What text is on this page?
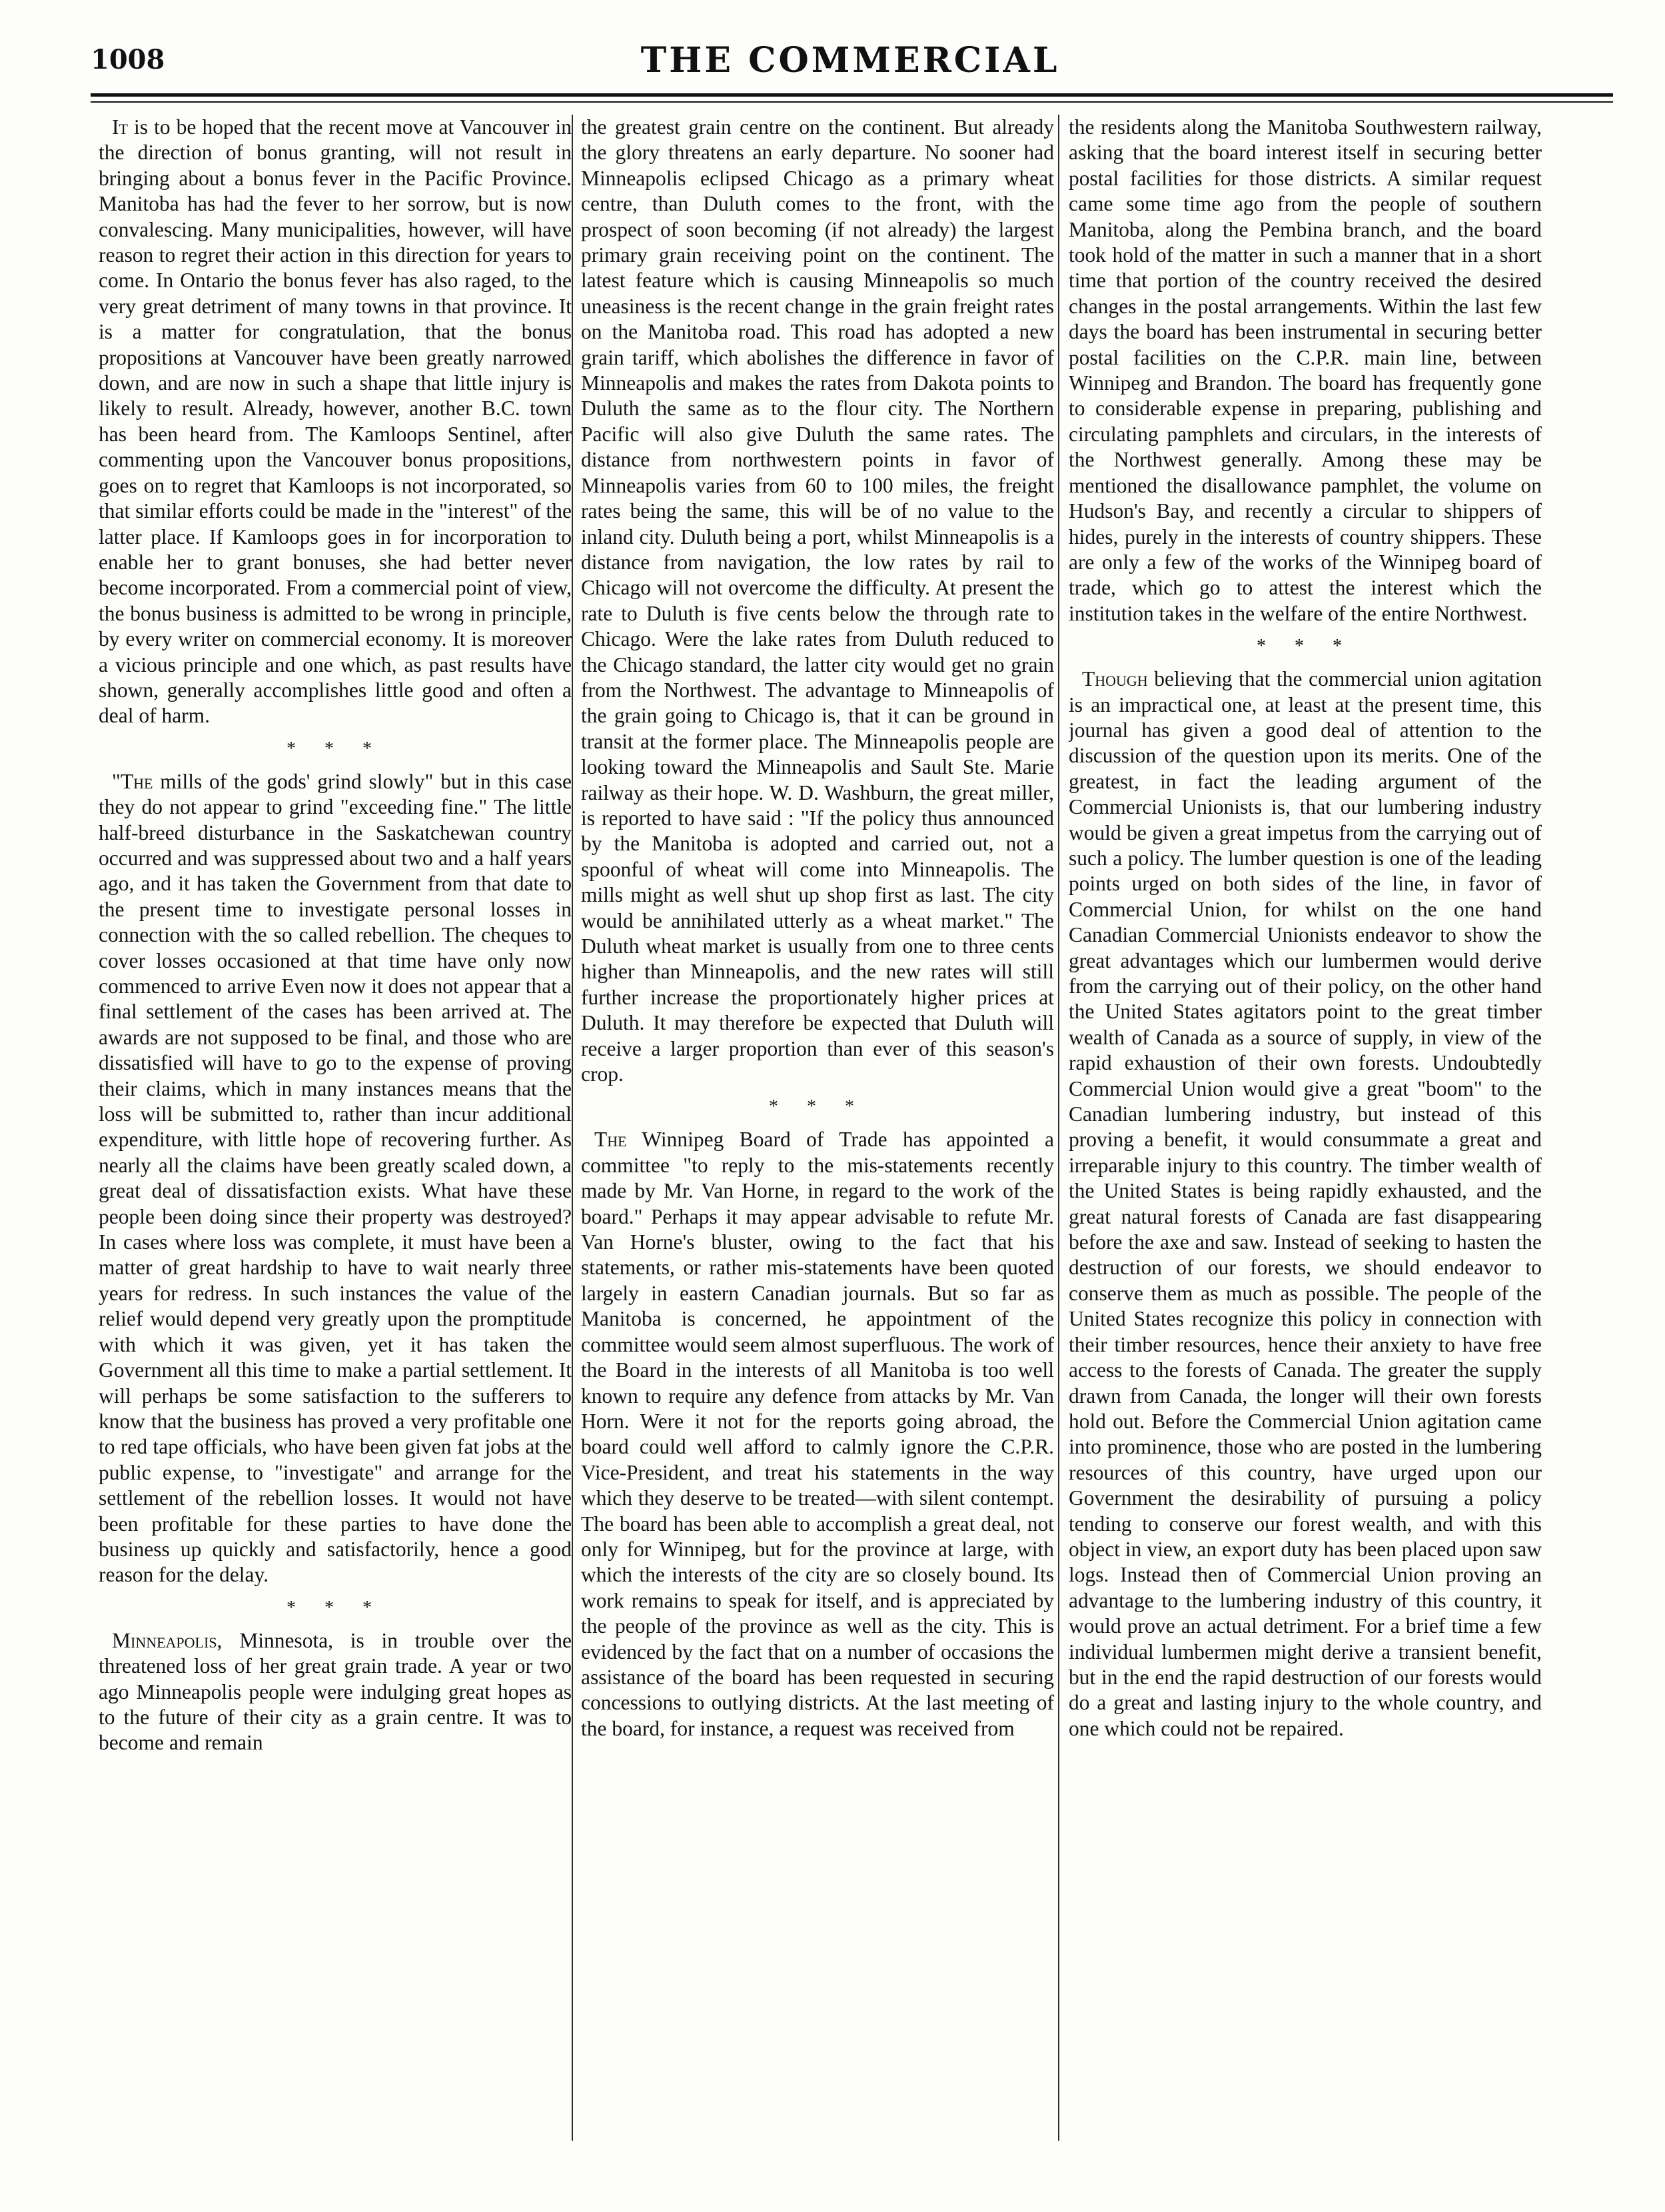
1008	THE COMMERCIAL

It is to be hoped that the recent move at Vancouver in the direction of bonus granting, will not result in bringing about a bonus fever in the Pacific Province. Manitoba has had the fever to her sorrow, but is now convalescing. Many municipalities, however, will have reason to regret their action in this direction for years to come. In Ontario the bonus fever has also raged, to the very great detriment of many towns in that province. It is a matter for congratulation, that the bonus propositions at Vancouver have been greatly narrowed down, and are now in such a shape that little injury is likely to result. Already, however, another B.C. town has been heard from. The Kamloops Sentinel, after commenting upon the Vancouver bonus propositions, goes on to regret that Kamloops is not incorporated, so that similar efforts could be made in the "interest" of the latter place. If Kamloops goes in for incorporation to enable her to grant bonuses, she had better never become incorporated. From a commercial point of view, the bonus business is admitted to be wrong in principle, by every writer on commercial economy. It is moreover a vicious principle and one which, as past results have shown, generally accomplishes little good and often a deal of harm.

* * *

"The mills of the gods' grind slowly" but in this case they do not appear to grind "exceeding fine." The little half-breed disturbance in the Saskatchewan country occurred and was suppressed about two and a half years ago, and it has taken the Government from that date to the present time to investigate personal losses in connection with the so called rebellion. The cheques to cover losses occasioned at that time have only now commenced to arrive Even now it does not appear that a final settlement of the cases has been arrived at. The awards are not supposed to be final, and those who are dissatisfied will have to go to the expense of proving their claims, which in many instances means that the loss will be submitted to, rather than incur additional expenditure, with little hope of recovering further. As nearly all the claims have been greatly scaled down, a great deal of dissatisfaction exists. What have these people been doing since their property was destroyed? In cases where loss was complete, it must have been a matter of great hardship to have to wait nearly three years for redress. In such instances the value of the relief would depend very greatly upon the promptitude with which it was given, yet it has taken the Government all this time to make a partial settlement. It will perhaps be some satisfaction to the sufferers to know that the business has proved a very profitable one to red tape officials, who have been given fat jobs at the public expense, to "investigate" and arrange for the settlement of the rebellion losses. It would not have been profitable for these parties to have done the business up quickly and satisfactorily, hence a good reason for the delay.

* * *

Minneapolis, Minnesota, is in trouble over the threatened loss of her great grain trade. A year or two ago Minneapolis people were indulging great hopes as to the future of their city as a grain centre. It was to become and remain

the greatest grain centre on the continent. But already the glory threatens an early departure. No sooner had Minneapolis eclipsed Chicago as a primary wheat centre, than Duluth comes to the front, with the prospect of soon becoming (if not already) the largest primary grain receiving point on the continent. The latest feature which is causing Minneapolis so much uneasiness is the recent change in the grain freight rates on the Manitoba road. This road has adopted a new grain tariff, which abolishes the difference in favor of Minneapolis and makes the rates from Dakota points to Duluth the same as to the flour city. The Northern Pacific will also give Duluth the same rates. The distance from northwestern points in favor of Minneapolis varies from 60 to 100 miles, the freight rates being the same, this will be of no value to the inland city. Duluth being a port, whilst Minneapolis is a distance from navigation, the low rates by rail to Chicago will not overcome the difficulty. At present the rate to Duluth is five cents below the through rate to Chicago. Were the lake rates from Duluth reduced to the Chicago standard, the latter city would get no grain from the Northwest. The advantage to Minneapolis of the grain going to Chicago is, that it can be ground in transit at the former place. The Minneapolis people are looking toward the Minneapolis and Sault Ste. Marie railway as their hope. W. D. Washburn, the great miller, is reported to have said : "If the policy thus announced by the Manitoba is adopted and carried out, not a spoonful of wheat will come into Minneapolis. The mills might as well shut up shop first as last. The city would be annihilated utterly as a wheat market." The Duluth wheat market is usually from one to three cents higher than Minneapolis, and the new rates will still further increase the proportionately higher prices at Duluth. It may therefore be expected that Duluth will receive a larger proportion than ever of this season's crop.

* * *

The Winnipeg Board of Trade has appointed a committee "to reply to the mis-statements recently made by Mr. Van Horne, in regard to the work of the board." Perhaps it may appear advisable to refute Mr. Van Horne's bluster, owing to the fact that his statements, or rather mis-statements have been quoted largely in eastern Canadian journals. But so far as Manitoba is concerned, he appointment of the committee would seem almost superfluous. The work of the Board in the interests of all Manitoba is too well known to require any defence from attacks by Mr. Van Horn. Were it not for the reports going abroad, the board could well afford to calmly ignore the C.P.R. Vice-President, and treat his statements in the way which they deserve to be treated—with silent contempt. The board has been able to accomplish a great deal, not only for Winnipeg, but for the province at large, with which the interests of the city are so closely bound. Its work remains to speak for itself, and is appreciated by the people of the province as well as the city. This is evidenced by the fact that on a number of occasions the assistance of the board has been requested in securing concessions to outlying districts. At the last meeting of the board, for instance, a request was received from

the residents along the Manitoba Southwestern railway, asking that the board interest itself in securing better postal facilities for those districts. A similar request came some time ago from the people of southern Manitoba, along the Pembina branch, and the board took hold of the matter in such a manner that in a short time that portion of the country received the desired changes in the postal arrangements. Within the last few days the board has been instrumental in securing better postal facilities on the C.P.R. main line, between Winnipeg and Brandon. The board has frequently gone to considerable expense in preparing, publishing and circulating pamphlets and circulars, in the interests of the Northwest generally. Among these may be mentioned the disallowance pamphlet, the volume on Hudson's Bay, and recently a circular to shippers of hides, purely in the interests of country shippers. These are only a few of the works of the Winnipeg board of trade, which go to attest the interest which the institution takes in the welfare of the entire Northwest.

* * *

Though believing that the commercial union agitation is an impractical one, at least at the present time, this journal has given a good deal of attention to the discussion of the question upon its merits. One of the greatest, in fact the leading argument of the Commercial Unionists is, that our lumbering industry would be given a great impetus from the carrying out of such a policy. The lumber question is one of the leading points urged on both sides of the line, in favor of Commercial Union, for whilst on the one hand Canadian Commercial Unionists endeavor to show the great advantages which our lumbermen would derive from the carrying out of their policy, on the other hand the United States agitators point to the great timber wealth of Canada as a source of supply, in view of the rapid exhaustion of their own forests. Undoubtedly Commercial Union would give a great "boom" to the Canadian lumbering industry, but instead of this proving a benefit, it would consummate a great and irreparable injury to this country. The timber wealth of the United States is being rapidly exhausted, and the great natural forests of Canada are fast disappearing before the axe and saw. Instead of seeking to hasten the destruction of our forests, we should endeavor to conserve them as much as possible. The people of the United States recognize this policy in connection with their timber resources, hence their anxiety to have free access to the forests of Canada. The greater the supply drawn from Canada, the longer will their own forests hold out. Before the Commercial Union agitation came into prominence, those who are posted in the lumbering resources of this country, have urged upon our Government the desirability of pursuing a policy tending to conserve our forest wealth, and with this object in view, an export duty has been placed upon saw logs. Instead then of Commercial Union proving an advantage to the lumbering industry of this country, it would prove an actual detriment. For a brief time a few individual lumbermen might derive a transient benefit, but in the end the rapid destruction of our forests would do a great and lasting injury to the whole country, and one which could not be repaired.
